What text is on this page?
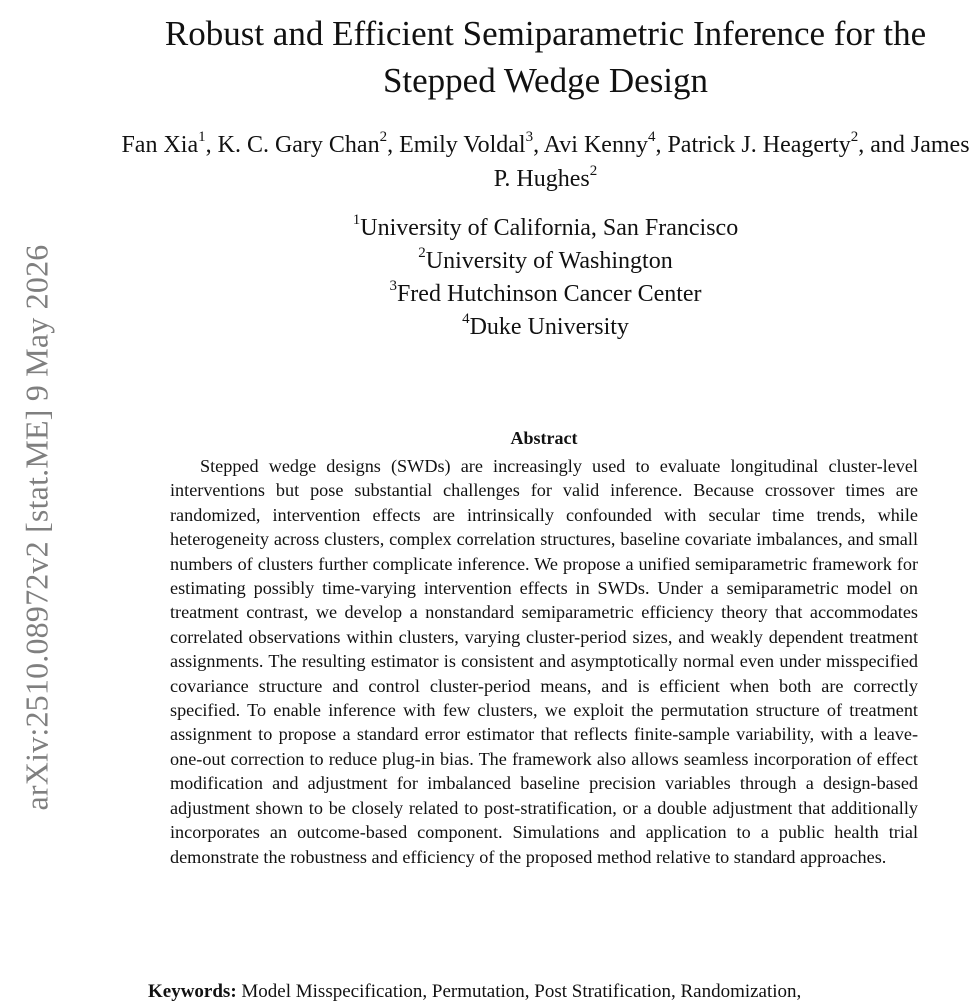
arXiv:2510.08972v2 [stat.ME] 9 May 2026
Robust and Efficient Semiparametric Inference for the Stepped Wedge Design
Fan Xia$^1$, K. C. Gary Chan$^2$, Emily Voldal$^3$, Avi Kenny$^4$, Patrick J. Heagerty$^2$, and James P. Hughes$^2$
$^1$University of California, San Francisco
$^2$University of Washington
$^3$Fred Hutchinson Cancer Center
$^4$Duke University
Abstract

Stepped wedge designs (SWDs) are increasingly used to evaluate longitudinal cluster-level interventions but pose substantial challenges for valid inference. Because crossover times are randomized, intervention effects are intrinsically confounded with secular time trends, while heterogeneity across clusters, complex correlation structures, baseline covariate imbalances, and small numbers of clusters further complicate inference. We propose a unified semiparametric framework for estimating possibly time-varying intervention effects in SWDs. Under a semiparametric model on treatment contrast, we develop a nonstandard semiparametric efficiency theory that accommodates correlated observations within clusters, varying cluster-period sizes, and weakly dependent treatment assignments. The resulting estimator is consistent and asymptotically normal even under misspecified covariance structure and control cluster-period means, and is efficient when both are correctly specified. To enable inference with few clusters, we exploit the permutation structure of treatment assignment to propose a standard error estimator that reflects finite-sample variability, with a leave-one-out correction to reduce plug-in bias. The framework also allows seamless incorporation of effect modification and adjustment for imbalanced baseline precision variables through a design-based adjustment shown to be closely related to post-stratification, or a double adjustment that additionally incorporates an outcome-based component. Simulations and application to a public health trial demonstrate the robustness and efficiency of the proposed method relative to standard approaches.

Keywords: Model Misspecification, Permutation, Post Stratification, Randomization,
